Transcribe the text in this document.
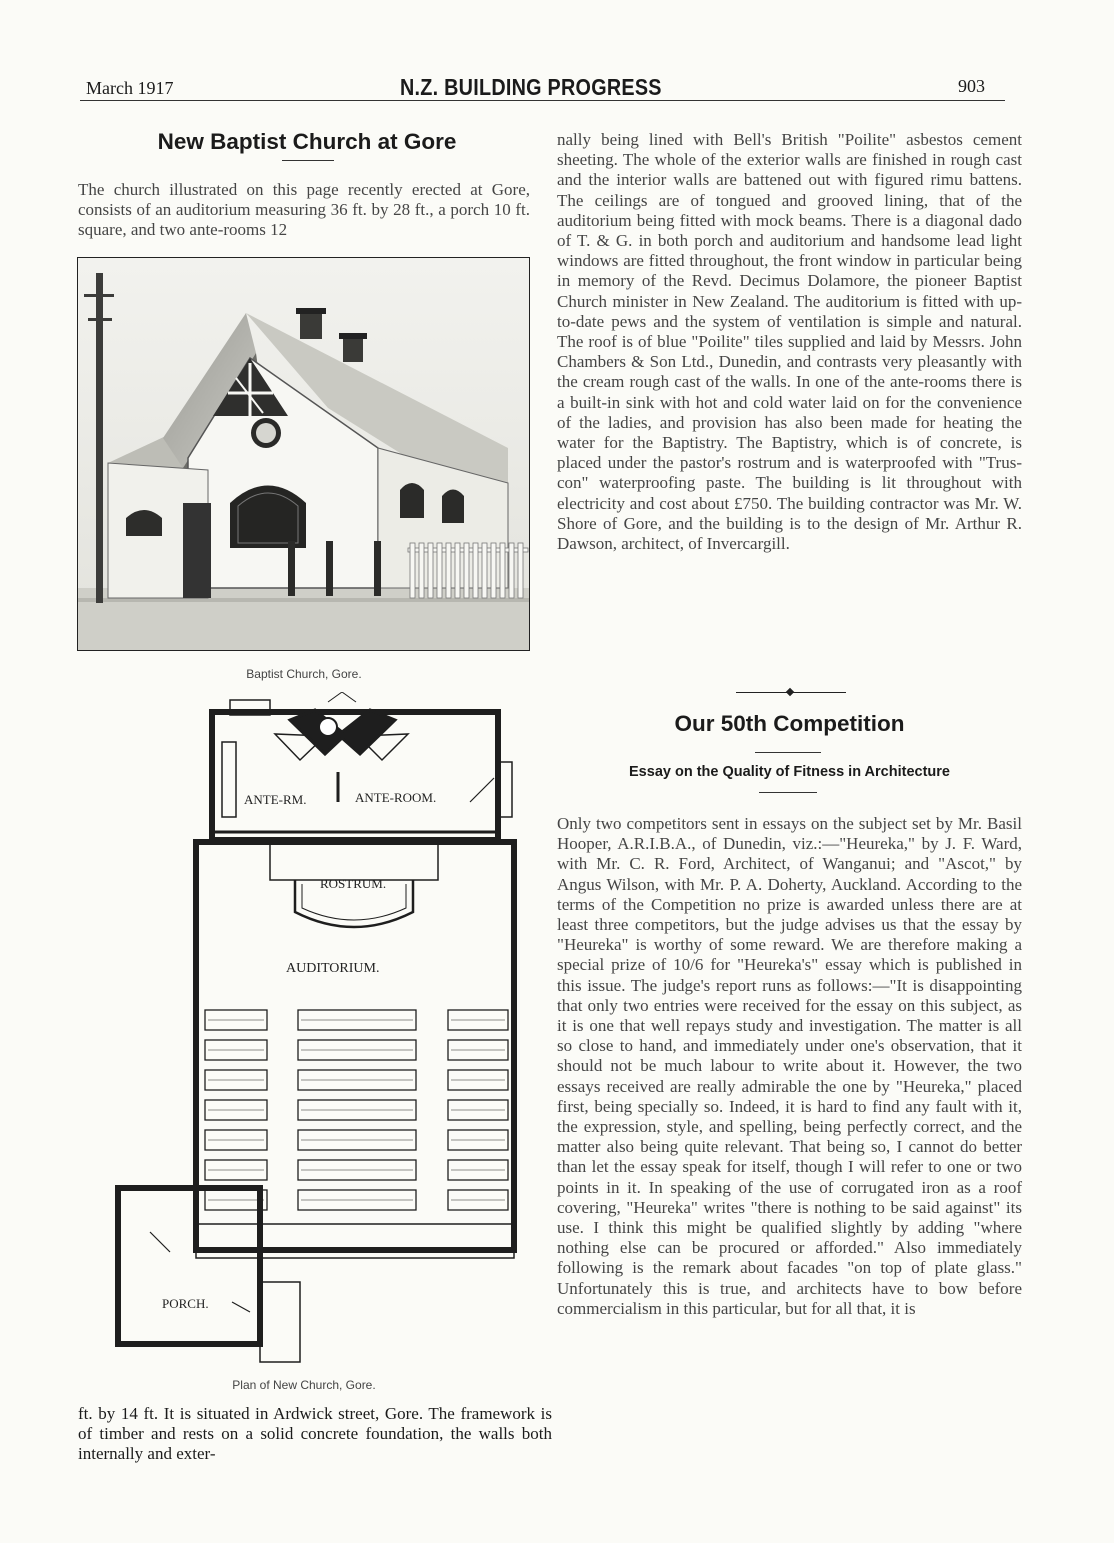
March 1917	N.Z. BUILDING PROGRESS	903
New Baptist Church at Gore
The church illustrated on this page recently erected at Gore, consists of an auditorium measuring 36 ft. by 28 ft., a porch 10 ft. square, and two ante-rooms 12
Baptist Church, Gore.
ANTE-RM.	ANTE-ROOM.
ROSTRUM.
AUDITORIUM.
PORCH.
Plan of New Church, Gore.
ft. by 14 ft. It is situated in Ardwick street, Gore. The framework is of timber and rests on a solid concrete foundation, the walls both internally and exter-
nally being lined with Bell's British "Poilite" asbestos cement sheeting. The whole of the exterior walls are finished in rough cast and the interior walls are battened out with figured rimu battens. The ceilings are of tongued and grooved lining, that of the auditorium being fitted with mock beams. There is a diagonal dado of T. & G. in both porch and auditorium and handsome lead light windows are fitted throughout, the front window in particular being in memory of the Revd. Decimus Dolamore, the pioneer Baptist Church minister in New Zealand. The auditorium is fitted with up-to-date pews and the system of ventilation is simple and natural. The roof is of blue "Poilite" tiles supplied and laid by Messrs. John Chambers & Son Ltd., Dunedin, and contrasts very pleasantly with the cream rough cast of the walls. In one of the ante-rooms there is a built-in sink with hot and cold water laid on for the convenience of the ladies, and provision has also been made for heating the water for the Baptistry. The Baptistry, which is of concrete, is placed under the pastor's rostrum and is waterproofed with "Trus-con" waterproofing paste. The building is lit throughout with electricity and cost about £750. The building contractor was Mr. W. Shore of Gore, and the building is to the design of Mr. Arthur R. Dawson, architect, of Invercargill.
Our 50th Competition
Essay on the Quality of Fitness in Architecture
Only two competitors sent in essays on the subject set by Mr. Basil Hooper, A.R.I.B.A., of Dunedin, viz.:—"Heureka," by J. F. Ward, with Mr. C. R. Ford, Architect, of Wanganui; and "Ascot," by Angus Wilson, with Mr. P. A. Doherty, Auckland. According to the terms of the Competition no prize is awarded unless there are at least three competitors, but the judge advises us that the essay by "Heureka" is worthy of some reward. We are therefore making a special prize of 10/6 for "Heureka's" essay which is published in this issue. The judge's report runs as follows:—"It is disappointing that only two entries were received for the essay on this subject, as it is one that well repays study and investigation. The matter is all so close to hand, and immediately under one's observation, that it should not be much labour to write about it. However, the two essays received are really admirable the one by "Heureka," placed first, being specially so. Indeed, it is hard to find any fault with it, the expression, style, and spelling, being perfectly correct, and the matter also being quite relevant. That being so, I cannot do better than let the essay speak for itself, though I will refer to one or two points in it. In speaking of the use of corrugated iron as a roof covering, "Heureka" writes "there is nothing to be said against" its use. I think this might be qualified slightly by adding "where nothing else can be procured or afforded." Also immediately following is the remark about facades "on top of plate glass." Unfortunately this is true, and architects have to bow before commercialism in this particular, but for all that, it is
